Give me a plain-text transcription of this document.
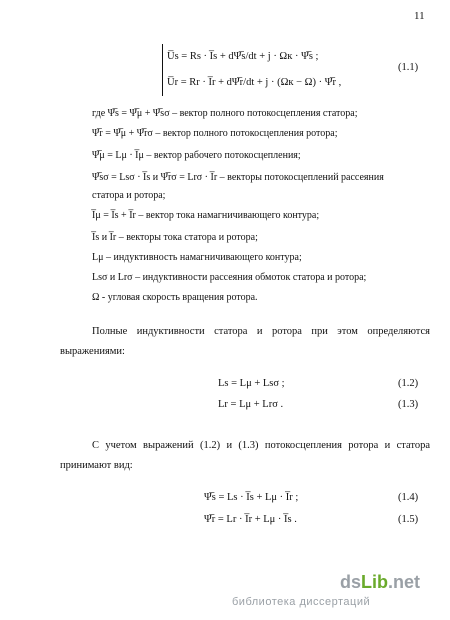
11
U̅s = Rs · I̅s + dΨ̅s/dt + j · Ωк · Ψ̅s ;
U̅r = Rr · I̅r + dΨ̅r/dt + j · (Ωк − Ω) · Ψ̅r ,
(1.1)
где Ψ̅s = Ψ̅μ + Ψ̅sσ – вектор полного потокосцепления статора;
Ψ̅r = Ψ̅μ + Ψ̅rσ – вектор полного потокосцепления ротора;
Ψ̅μ = Lμ · I̅μ – вектор рабочего потокосцепления;
Ψ̅sσ = Lsσ · I̅s и Ψ̅rσ = Lrσ · I̅r – векторы потокосцеплений рассеяния
статора и ротора;
I̅μ = I̅s + I̅r – вектор тока намагничивающего контура;
I̅s и I̅r – векторы тока статора и ротора;
Lμ – индуктивность намагничивающего контура;
Lsσ и Lrσ – индуктивности рассеяния обмоток статора и ротора;
Ω - угловая скорость вращения ротора.
Полные индуктивности статора и ротора при этом определяются выражениями:
Ls = Lμ + Lsσ ;	(1.2)
Lr = Lμ + Lrσ .	(1.3)
С учетом выражений (1.2) и (1.3) потокосцепления ротора и статора принимают вид:
Ψ̅s = Ls · I̅s + Lμ · I̅r ;	(1.4)
Ψ̅r = Lr · I̅r + Lμ · I̅s .	(1.5)
dsLib.net
библиотека диссертаций
